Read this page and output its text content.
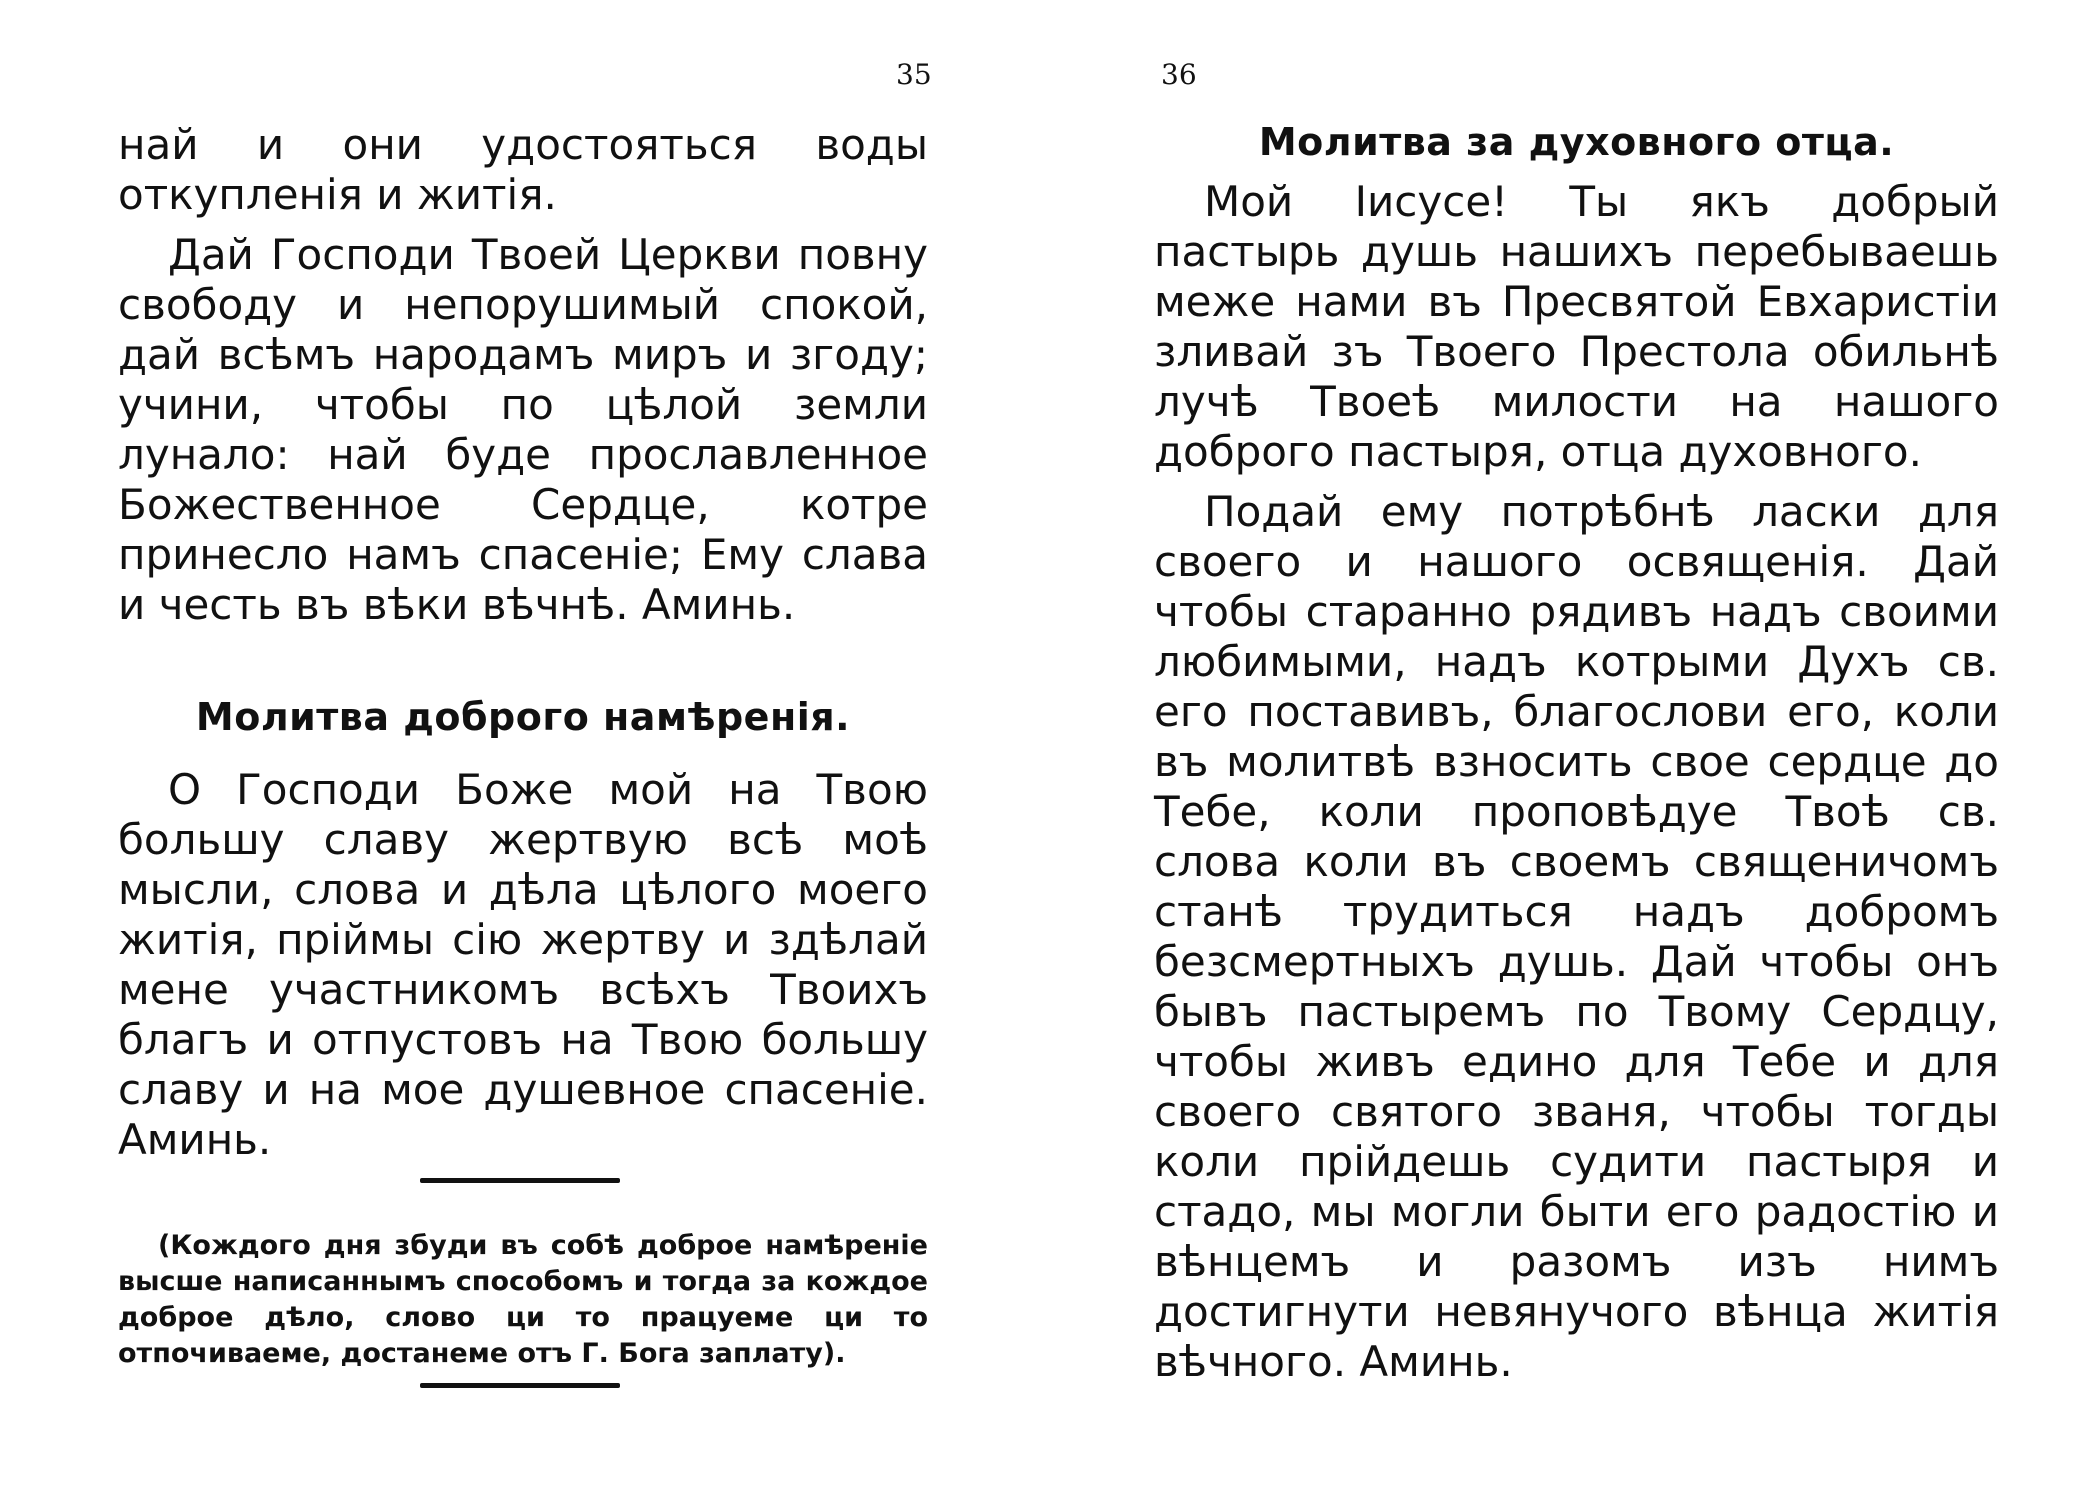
35

най и они удостояться воды откупленія и житія.

Дай Господи Твоей Церкви повну свободу и непорушимый спокой, дай всѣмъ народамъ миръ и згоду; учини, чтобы по цѣлой земли лунало: най буде прославленное Божественное Сердце, котре принесло намъ спасеніе; Ему слава и честь въ вѣки вѣчнѣ. Аминь.

Молитва доброго намѣренія.

О Господи Боже мой на Твою большу славу жертвую всѣ моѣ мысли, слова и дѣла цѣлого моего житія, пріймы сію жертву и здѣлай мене участникомъ всѣхъ Твоихъ благъ и отпустовъ на Твою большу славу и на мое душевное спасеніе. Аминь.

(Кождого дня збуди въ собѣ доброе намѣреніе высше написаннымъ способомъ и тогда за кождое доброе дѣло, слово ци то працуеме ци то отпочиваеме, достанеме отъ Г. Бога заплату).

36
Молитва за духовного отца.

Мой Іисусе! Ты якъ добрый пастырь душь нашихъ перебываешь меже нами въ Пресвятой Евхаристіи зливай зъ Твоего Престола обильнѣ лучѣ Твоеѣ милости на нашого доброго пастыря, отца духовного.

Подай ему потрѣбнѣ ласки для своего и нашого освященія. Дай чтобы старанно рядивъ надъ своими любимыми, надъ котрыми Духъ св. его поставивъ, благослови его, коли въ молитвѣ взносить свое сердце до Тебе, коли проповѣдуе Твоѣ св. слова коли въ своемъ священичомъ станѣ трудиться надъ добромъ безсмертныхъ душь. Дай чтобы онъ бывъ пастыремъ по Твому Сердцу, чтобы живъ едино для Тебе и для своего святого званя, чтобы тогды коли прійдешь судити пастыря и стадо, мы могли быти его радостію и вѣнцемъ и разомъ изъ нимъ достигнути невянучого вѣнца житія вѣчного. Аминь.
